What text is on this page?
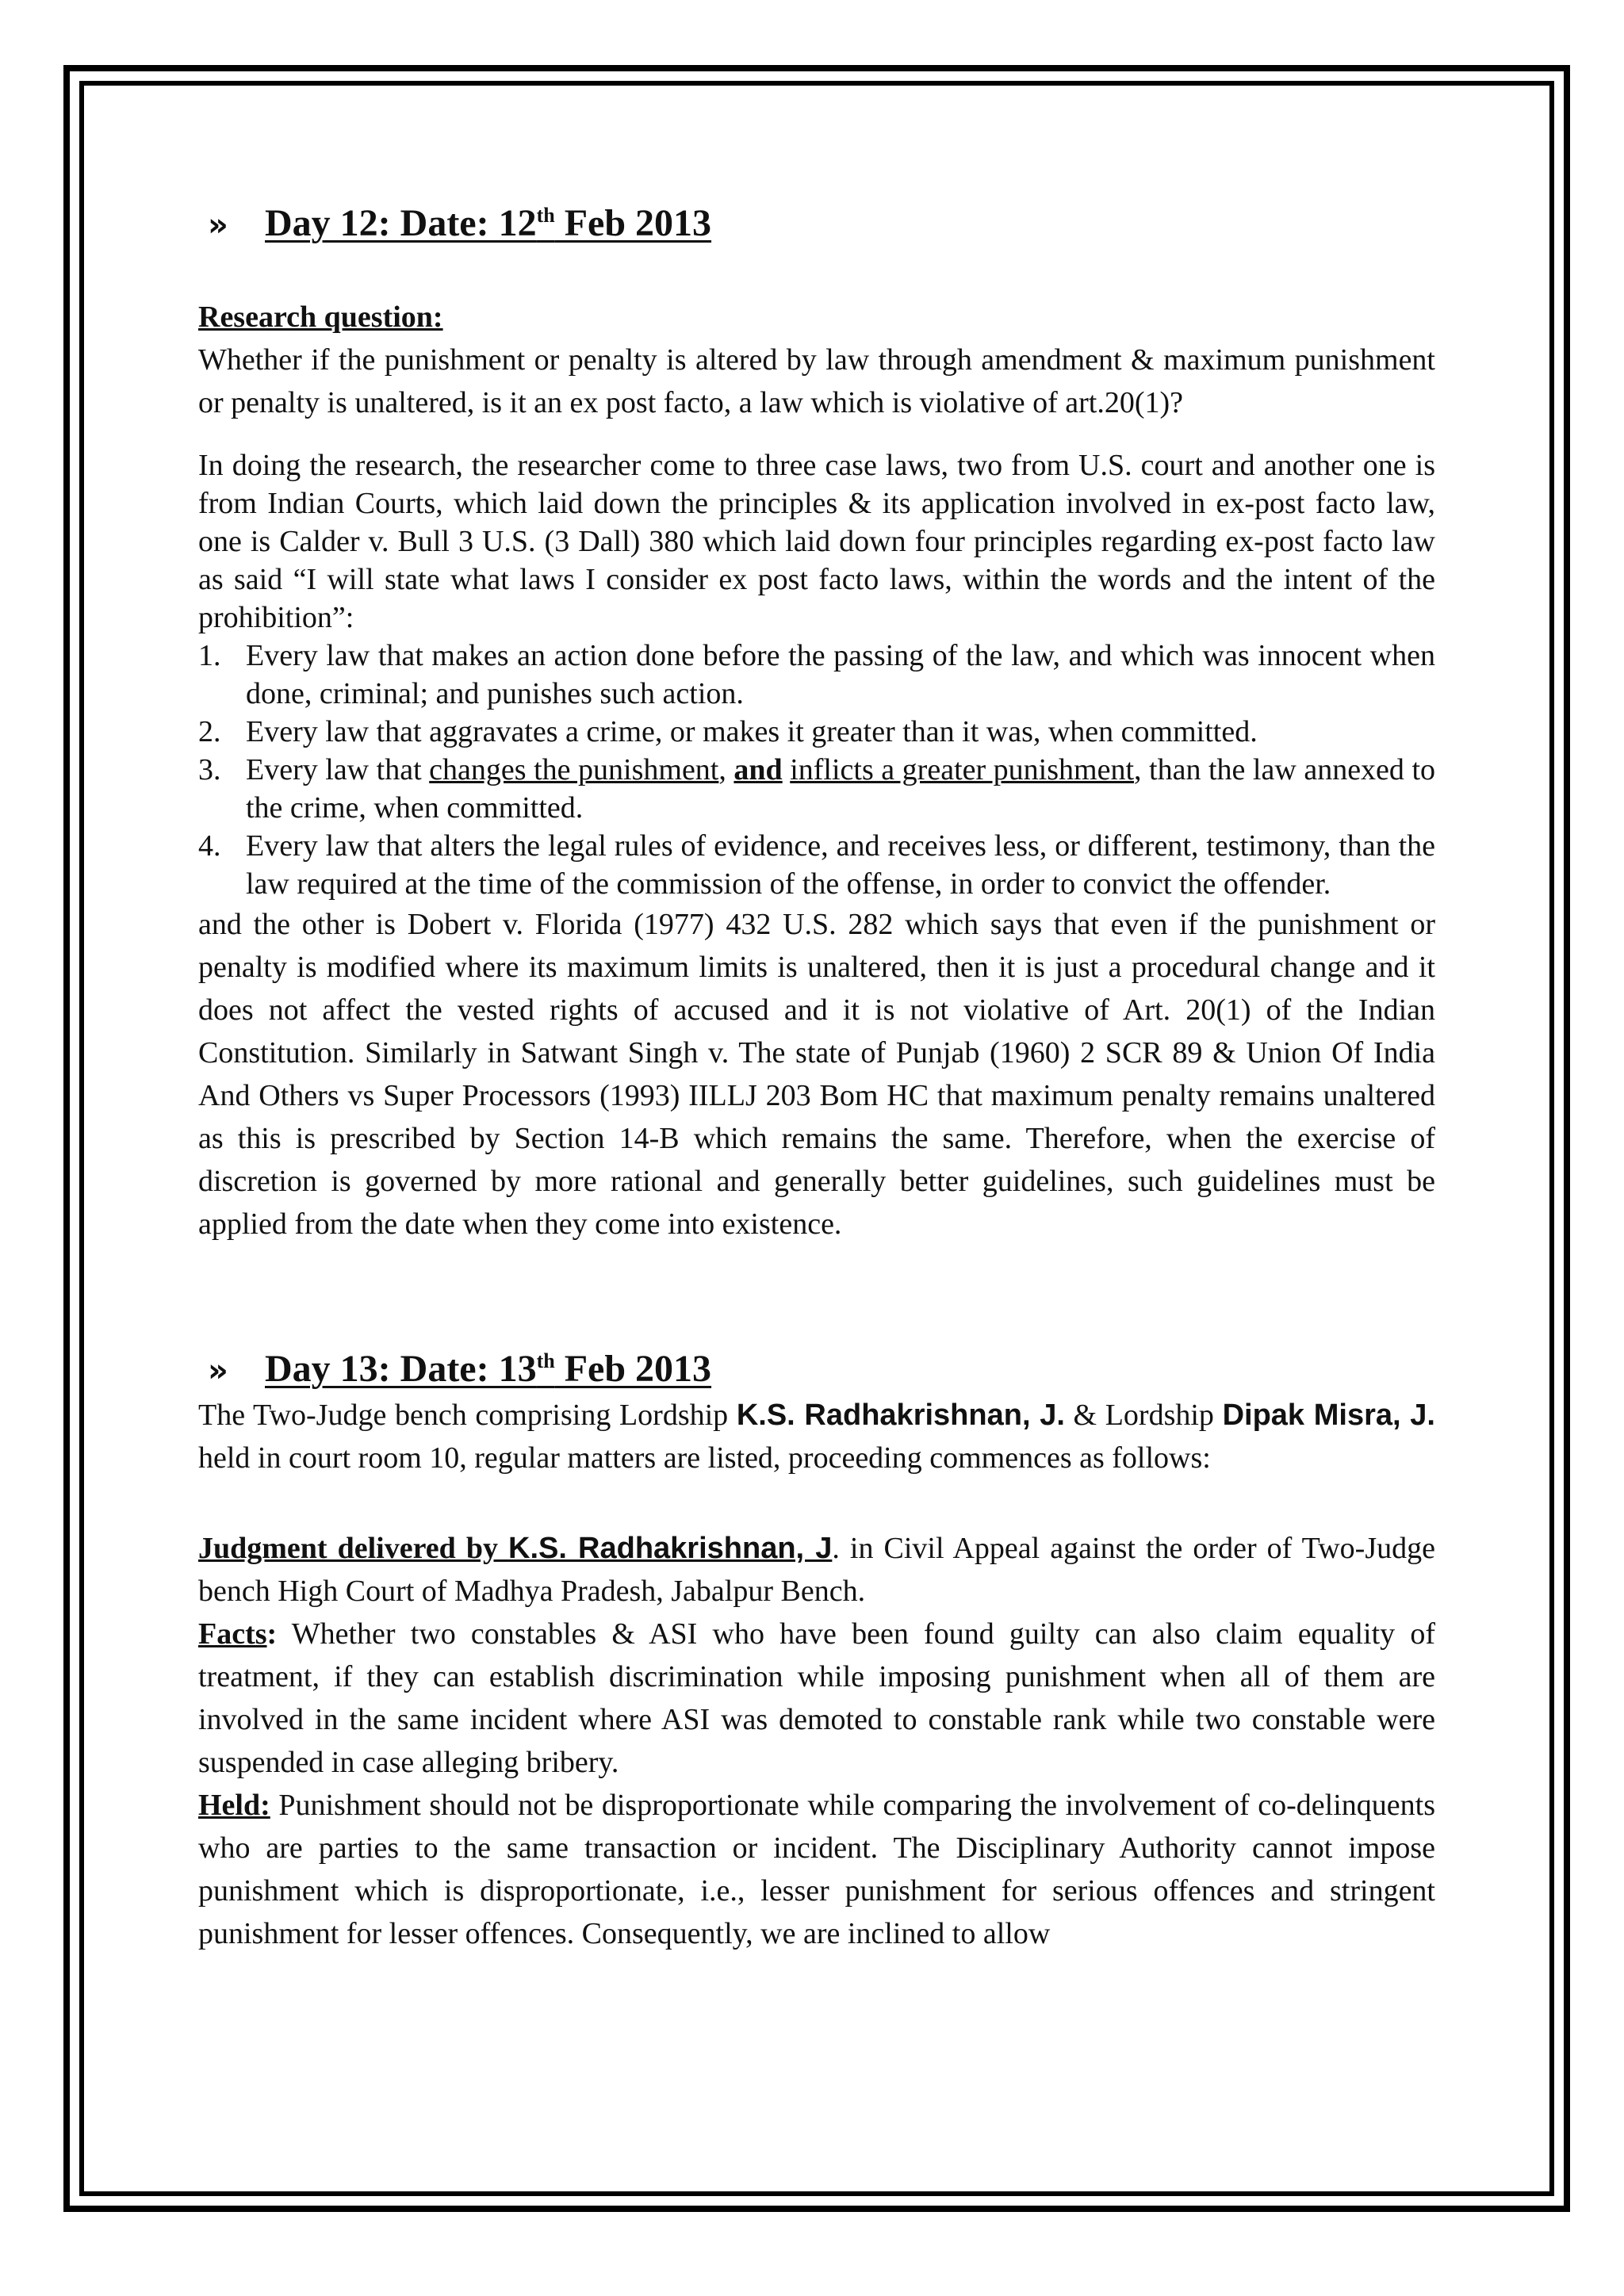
» Day 12: Date: 12th Feb 2013

Research question:

Whether if the punishment or penalty is altered by law through amendment & maximum punishment or penalty is unaltered, is it an ex post facto, a law which is violative of art.20(1)?

In doing the research, the researcher come to three case laws, two from U.S. court and another one is from Indian Courts, which laid down the principles & its application involved in ex-post facto law, one is Calder v. Bull 3 U.S. (3 Dall) 380 which laid down four principles regarding ex-post facto law as said “I will state what laws I consider ex post facto laws, within the words and the intent of the prohibition”:

1. Every law that makes an action done before the passing of the law, and which was innocent when done, criminal; and punishes such action.
2. Every law that aggravates a crime, or makes it greater than it was, when committed.
3. Every law that changes the punishment, and inflicts a greater punishment, than the law annexed to the crime, when committed.
4. Every law that alters the legal rules of evidence, and receives less, or different, testimony, than the law required at the time of the commission of the offense, in order to convict the offender.

and the other is Dobert v. Florida (1977) 432 U.S. 282 which says that even if the punishment or penalty is modified where its maximum limits is unaltered, then it is just a procedural change and it does not affect the vested rights of accused and it is not violative of Art. 20(1) of the Indian Constitution. Similarly in Satwant Singh v. The state of Punjab (1960) 2 SCR 89 & Union Of India And Others vs Super Processors (1993) IILLJ 203 Bom HC that maximum penalty remains unaltered as this is prescribed by Section 14-B which remains the same. Therefore, when the exercise of discretion is governed by more rational and generally better guidelines, such guidelines must be applied from the date when they come into existence.

» Day 13: Date: 13th Feb 2013

The Two-Judge bench comprising Lordship K.S. Radhakrishnan, J. & Lordship Dipak Misra, J. held in court room 10, regular matters are listed, proceeding commences as follows:

Judgment delivered by K.S. Radhakrishnan, J. in Civil Appeal against the order of Two-Judge bench High Court of Madhya Pradesh, Jabalpur Bench.

Facts: Whether two constables & ASI who have been found guilty can also claim equality of treatment, if they can establish discrimination while imposing punishment when all of them are involved in the same incident where ASI was demoted to constable rank while two constable were suspended in case alleging bribery.

Held: Punishment should not be disproportionate while comparing the involvement of co-delinquents who are parties to the same transaction or incident. The Disciplinary Authority cannot impose punishment which is disproportionate, i.e., lesser punishment for serious offences and stringent punishment for lesser offences. Consequently, we are inclined to allow
